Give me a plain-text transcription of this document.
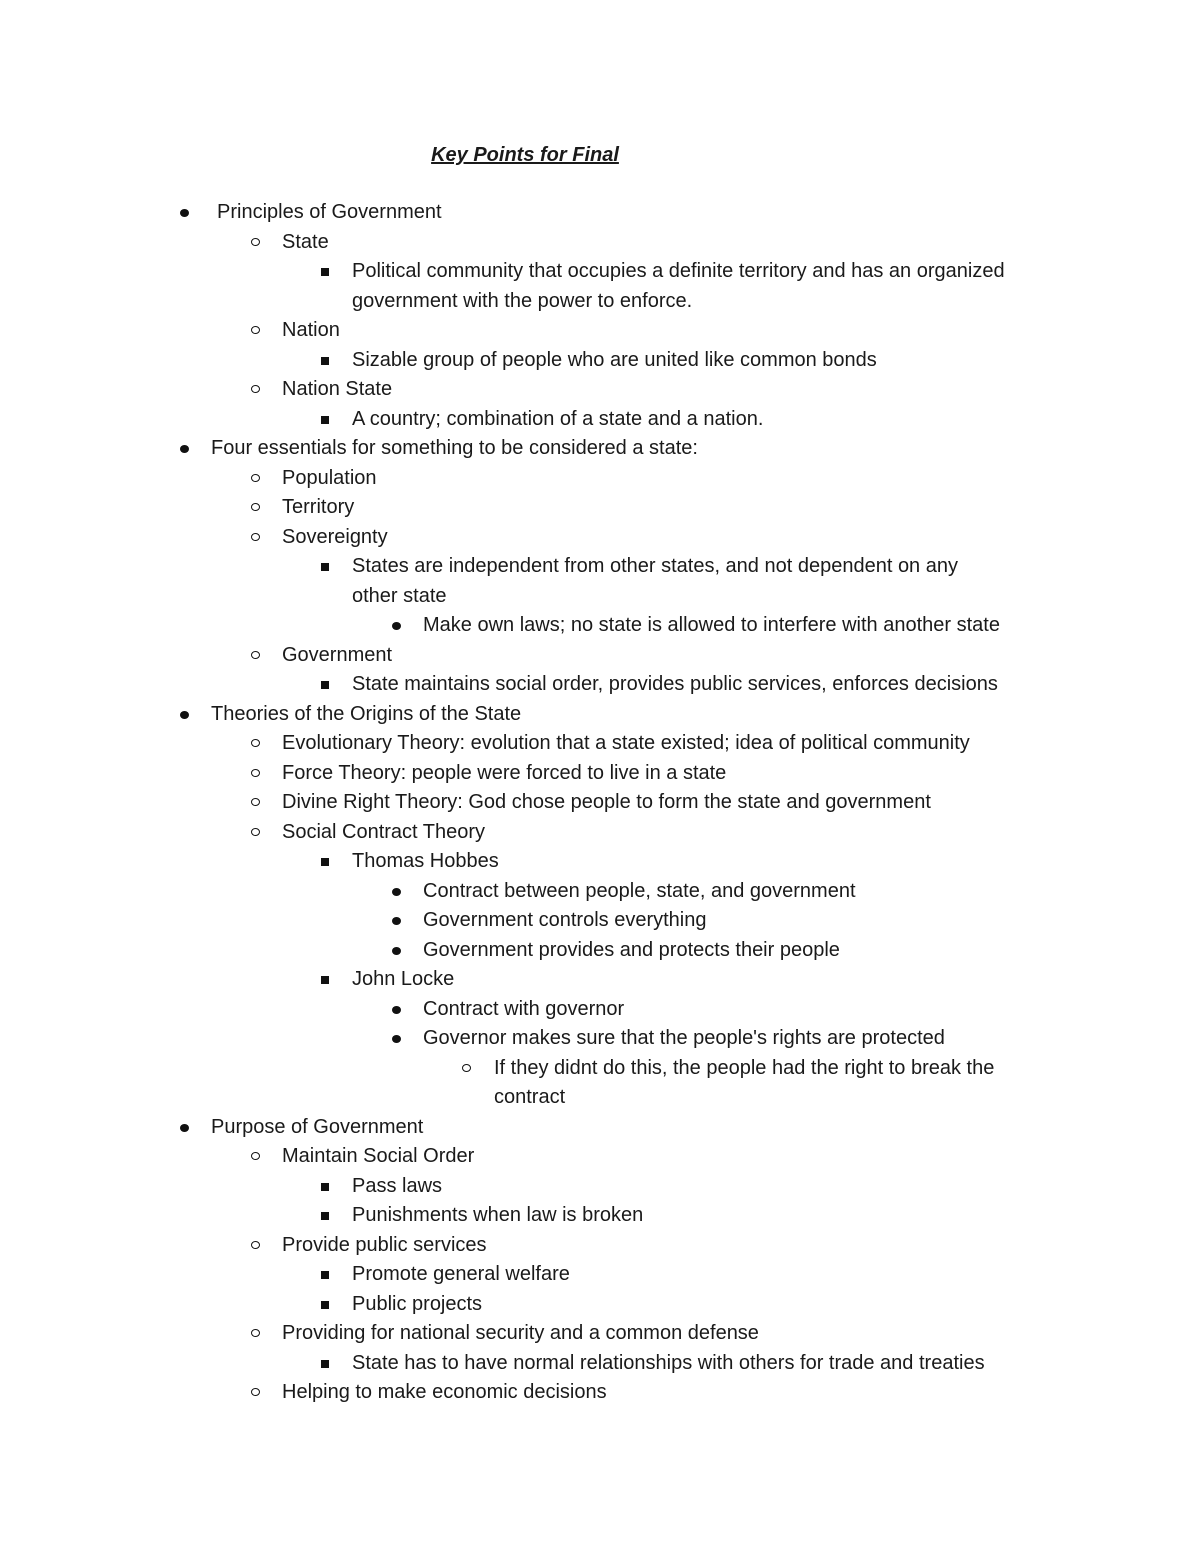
Key Points for Final
Principles of Government
State
Political community that occupies a definite territory and has an organized
government with the power to enforce.
Nation
Sizable group of people who are united like common bonds
Nation State
A country; combination of a state and a nation.
Four essentials for something to be considered a state:
Population
Territory
Sovereignty
States are independent from other states, and not dependent on any
other state
Make own laws; no state is allowed to interfere with another state
Government
State maintains social order, provides public services, enforces decisions
Theories of the Origins of the State
Evolutionary Theory: evolution that a state existed; idea of political community
Force Theory: people were forced to live in a state
Divine Right Theory: God chose people to form the state and government
Social Contract Theory
Thomas Hobbes
Contract between people, state, and government
Government controls everything
Government provides and protects their people
John Locke
Contract with governor
Governor makes sure that the people's rights are protected
If they didnt do this, the people had the right to break the
contract
Purpose of Government
Maintain Social Order
Pass laws
Punishments when law is broken
Provide public services
Promote general welfare
Public projects
Providing for national security and a common defense
State has to have normal relationships with others for trade and treaties
Helping to make economic decisions
